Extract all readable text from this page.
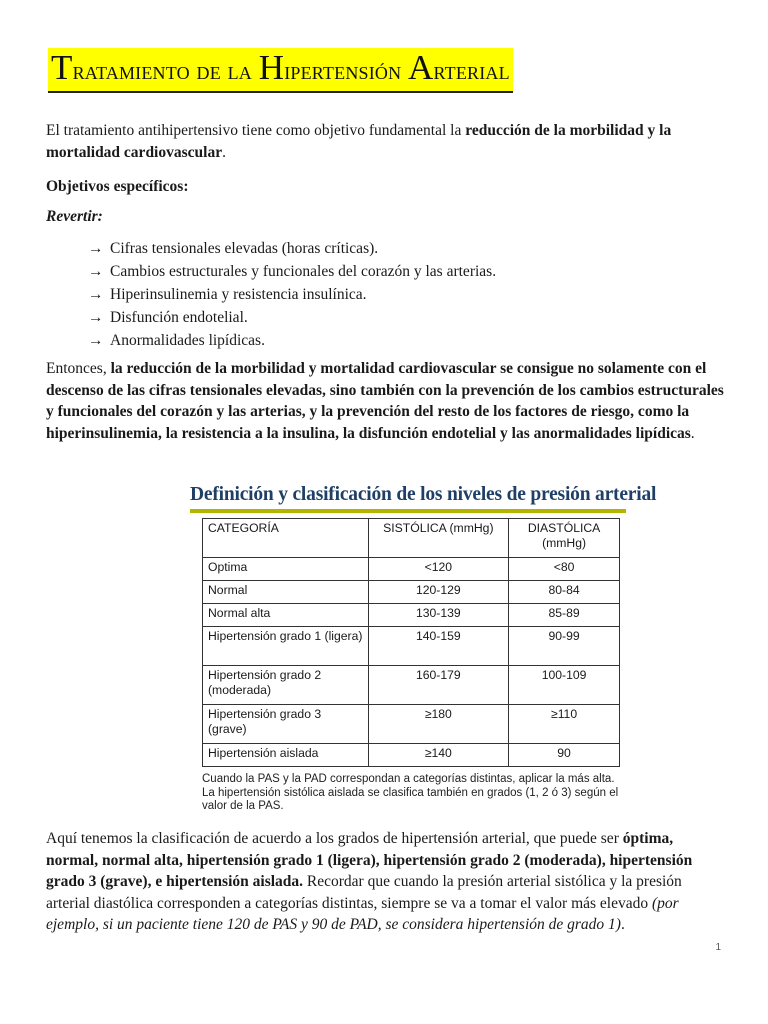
Tratamiento de la Hipertensión Arterial
El tratamiento antihipertensivo tiene como objetivo fundamental la reducción de la morbilidad y la mortalidad cardiovascular.
Objetivos específicos:
Revertir:
→ Cifras tensionales elevadas (horas críticas).
→ Cambios estructurales y funcionales del corazón y las arterias.
→ Hiperinsulinemia y resistencia insulínica.
→ Disfunción endotelial.
→ Anormalidades lipídicas.
Entonces, la reducción de la morbilidad y mortalidad cardiovascular se consigue no solamente con el descenso de las cifras tensionales elevadas, sino también con la prevención de los cambios estructurales y funcionales del corazón y las arterias, y la prevención del resto de los factores de riesgo, como la hiperinsulinemia, la resistencia a la insulina, la disfunción endotelial y las anormalidades lipídicas.
Definición y clasificación de los niveles de presión arterial
CATEGORÍA	SISTÓLICA (mmHg)	DIASTÓLICA (mmHg)
Optima	<120	<80
Normal	120-129	80-84
Normal alta	130-139	85-89
Hipertensión grado 1 (ligera)	140-159	90-99
Hipertensión grado 2 (moderada)	160-179	100-109
Hipertensión grado 3 (grave)	≥180	≥110
Hipertensión aislada	≥140	90
Cuando la PAS y la PAD correspondan a categorías distintas, aplicar la más alta.
La hipertensión sistólica aislada se clasifica también en grados (1, 2 ó 3) según el valor de la PAS.
Aquí tenemos la clasificación de acuerdo a los grados de hipertensión arterial, que puede ser óptima, normal, normal alta, hipertensión grado 1 (ligera), hipertensión grado 2 (moderada), hipertensión grado 3 (grave), e hipertensión aislada. Recordar que cuando la presión arterial sistólica y la presión arterial diastólica corresponden a categorías distintas, siempre se va a tomar el valor más elevado (por ejemplo, si un paciente tiene 120 de PAS y 90 de PAD, se considera hipertensión de grado 1).
1
